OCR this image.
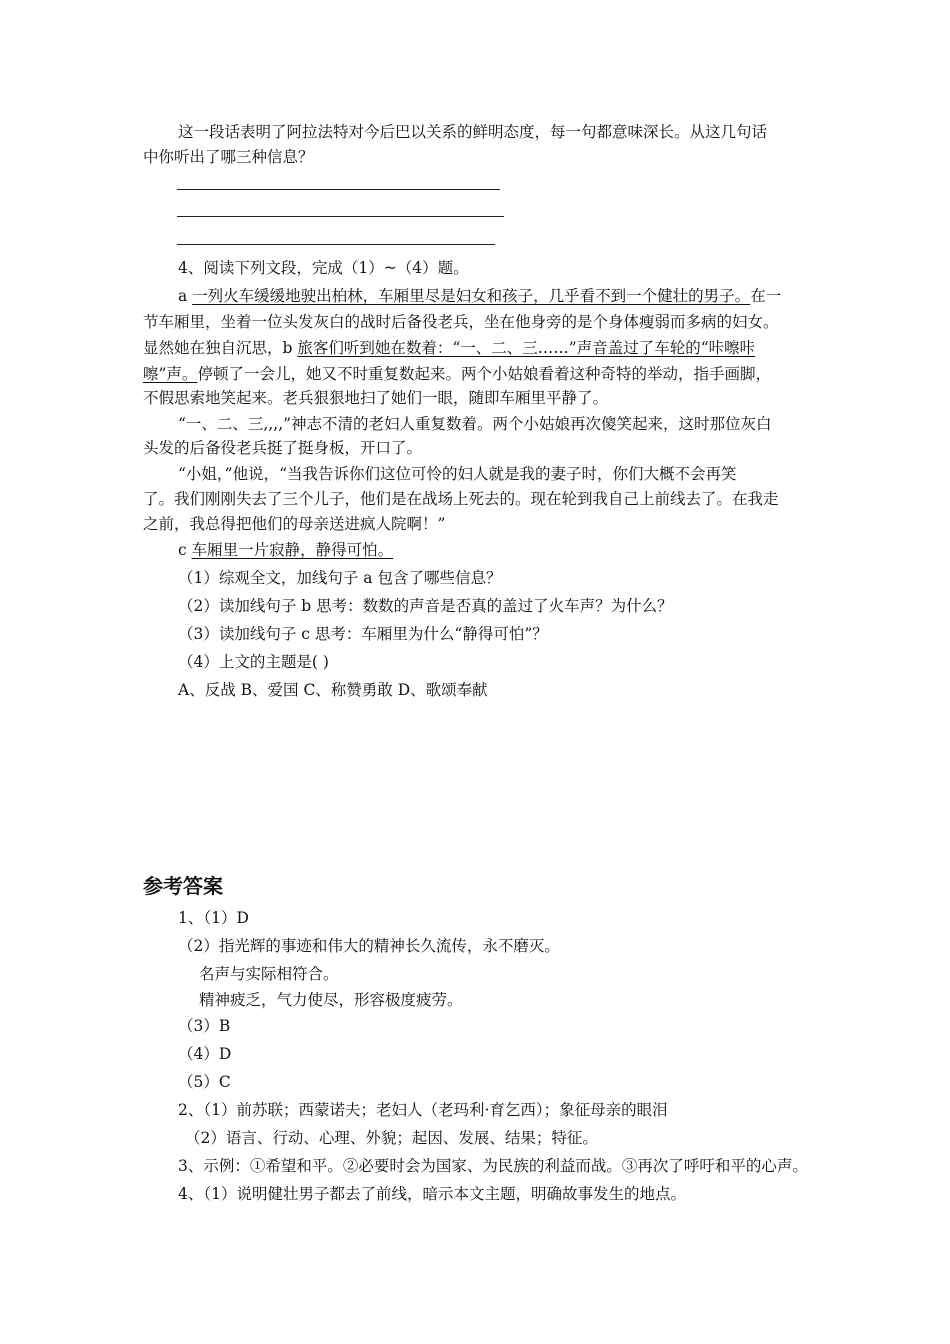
这一段话表明了阿拉法特对今后巴以关系的鲜明态度，每一句都意味深长。从这几句话
中你听出了哪三种信息？
4、阅读下列文段，完成（1）~（4）题。
a 一列火车缓缓地驶出柏林，车厢里尽是妇女和孩子，几乎看不到一个健壮的男子。在一
节车厢里，坐着一位头发灰白的战时后备役老兵，坐在他身旁的是个身体瘦弱而多病的妇女。
显然她在独自沉思，b 旅客们听到她在数着：“一、二、三……”声音盖过了车轮的“咔嚓咔
嚓”声。停顿了一会儿，她又不时重复数起来。两个小姑娘看着这种奇特的举动，指手画脚，
不假思索地笑起来。老兵狠狠地扫了她们一眼，随即车厢里平静了。
“一、二、三,,,,”神志不清的老妇人重复数着。两个小姑娘再次傻笑起来，这时那位灰白
头发的后备役老兵挺了挺身板，开口了。
“小姐，”他说，“当我告诉你们这位可怜的妇人就是我的妻子时，你们大概不会再笑
了。我们刚刚失去了三个儿子，他们是在战场上死去的。现在轮到我自己上前线去了。在我走
之前，我总得把他们的母亲送进疯人院啊！”
c 车厢里一片寂静，静得可怕。
（1）综观全文，加线句子 a 包含了哪些信息？
（2）读加线句子 b 思考：数数的声音是否真的盖过了火车声？为什么？
（3）读加线句子 c 思考：车厢里为什么“静得可怕”？
（4）上文的主题是( )
A、反战 B、爱国 C、称赞勇敢 D、歌颂奉献
参考答案
1、（1）D
（2）指光辉的事迹和伟大的精神长久流传，永不磨灭。
名声与实际相符合。
精神疲乏，气力使尽，形容极度疲劳。
（3）B
（4）D
（5）C
2、（1）前苏联；西蒙诺夫；老妇人（老玛利·育乞西）；象征母亲的眼泪
（2）语言、行动、心理、外貌；起因、发展、结果；特征。
3、示例：①希望和平。②必要时会为国家、为民族的利益而战。③再次了呼吁和平的心声。
4、（1）说明健壮男子都去了前线，暗示本文主题，明确故事发生的地点。
